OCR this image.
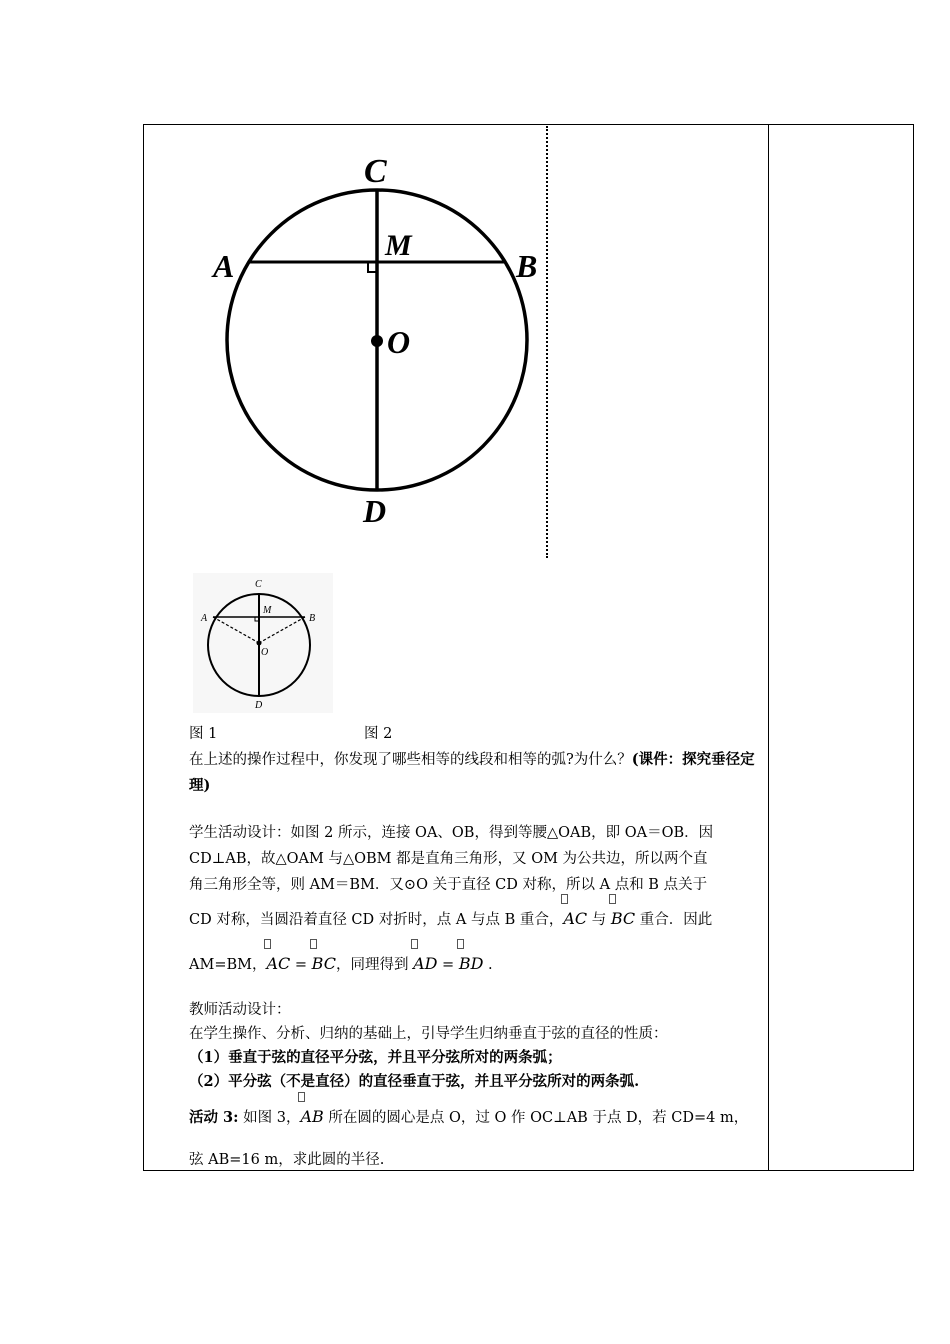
C
A	B
M
O
D
C
A	B
M
O
D
图 1	图 2
在上述的操作过程中，你发现了哪些相等的线段和相等的弧?为什么？(课件：探究垂径定理)
学生活动设计：如图 2 所示，连接 OA、OB，得到等腰△OAB，即 OA＝OB．因
CD⊥AB，故△OAM 与△OBM 都是直角三角形，又 OM 为公共边，所以两个直
角三角形全等，则 AM＝BM．又⊙O 关于直径 CD 对称，所以 A 点和 B 点关于
CD 对称，当圆沿着直径 CD 对折时，点 A 与点 B 重合，
AC 与
BC 重合．因此
AM=BM，
AC =
BC，同理得到
AD =
BD .
教师活动设计：
在学生操作、分析、归纳的基础上，引导学生归纳垂直于弦的直径的性质：
（1）垂直于弦的直径平分弦，并且平分弦所对的两条弧；
（2）平分弦（不是直径）的直径垂直于弦，并且平分弦所对的两条弧.
活动 3: 如图 3，
AB 所在圆的圆心是点 O，过 O 作 OC⊥AB 于点 D，若 CD=4 m，
弦 AB=16 m，求此圆的半径.
